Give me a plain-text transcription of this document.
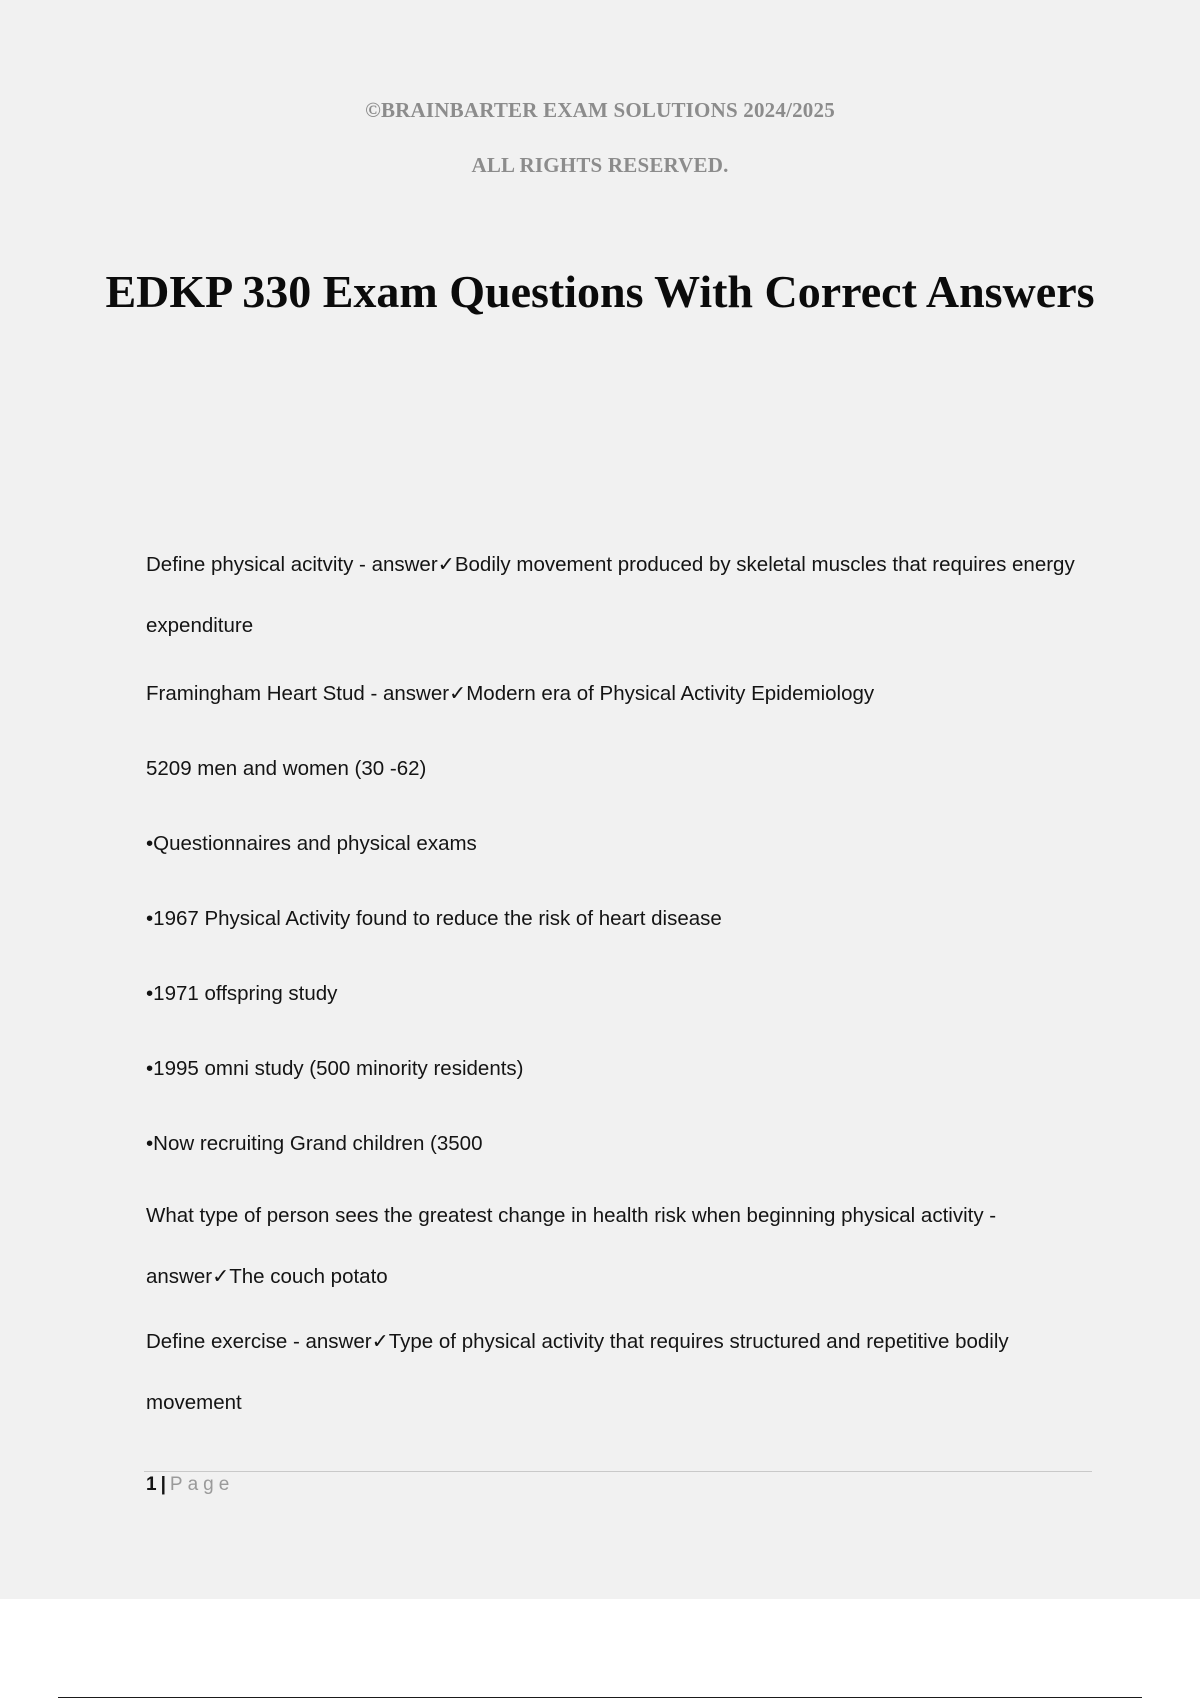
©BRAINBARTER EXAM SOLUTIONS 2024/2025
ALL RIGHTS RESERVED.
EDKP 330 Exam Questions With Correct Answers

Define physical acitvity - answer✓Bodily movement produced by skeletal muscles that requires energy expenditure

Framingham Heart Stud - answer✓Modern era of Physical Activity Epidemiology

5209 men and women (30 -62)

•Questionnaires and physical exams

•1967 Physical Activity found to reduce the risk of heart disease

•1971 offspring study

•1995 omni study (500 minority residents)

•Now recruiting Grand children (3500

What type of person sees the greatest change in health risk when beginning physical activity - answer✓The couch potato

Define exercise - answer✓Type of physical activity that requires structured and repetitive bodily movement

1 | Page
